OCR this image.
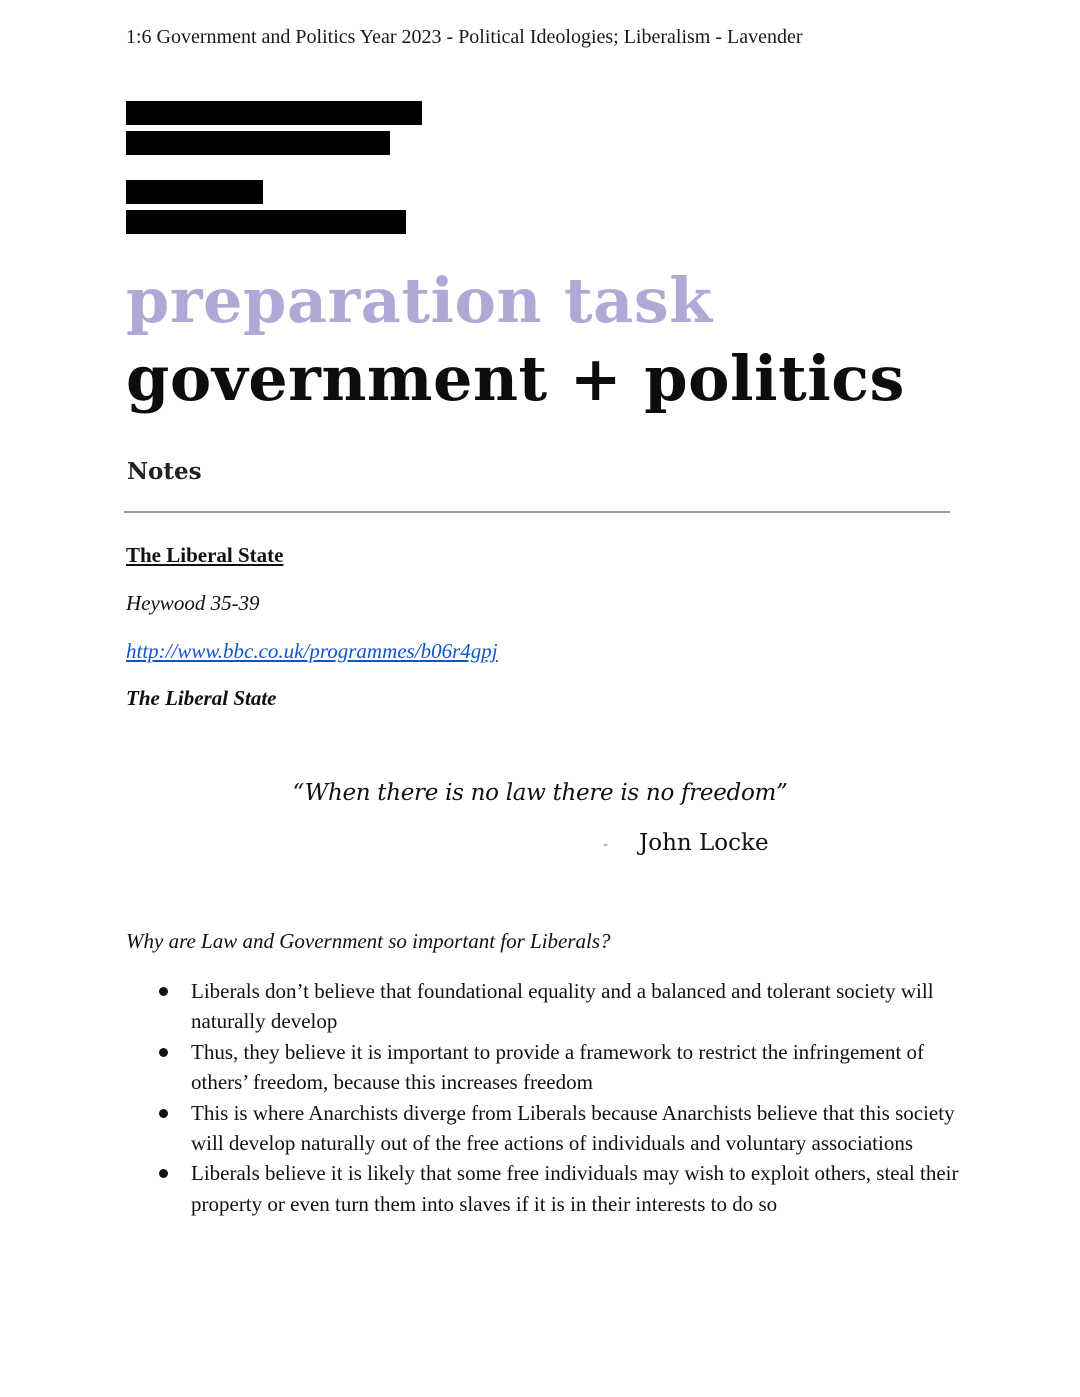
1:6 Government and Politics Year 2023 - Political Ideologies; Liberalism - Lavender
preparation task
government + politics
Notes
The Liberal State
Heywood 35-39
http://www.bbc.co.uk/programmes/b06r4gpj
The Liberal State
“When there is no law there is no freedom”
- John Locke
Why are Law and Government so important for Liberals?
Liberals don’t believe that foundational equality and a balanced and tolerant society will naturally develop
Thus, they believe it is important to provide a framework to restrict the infringement of others’ freedom, because this increases freedom
This is where Anarchists diverge from Liberals because Anarchists believe that this society will develop naturally out of the free actions of individuals and voluntary associations
Liberals believe it is likely that some free individuals may wish to exploit others, steal their property or even turn them into slaves if it is in their interests to do so
